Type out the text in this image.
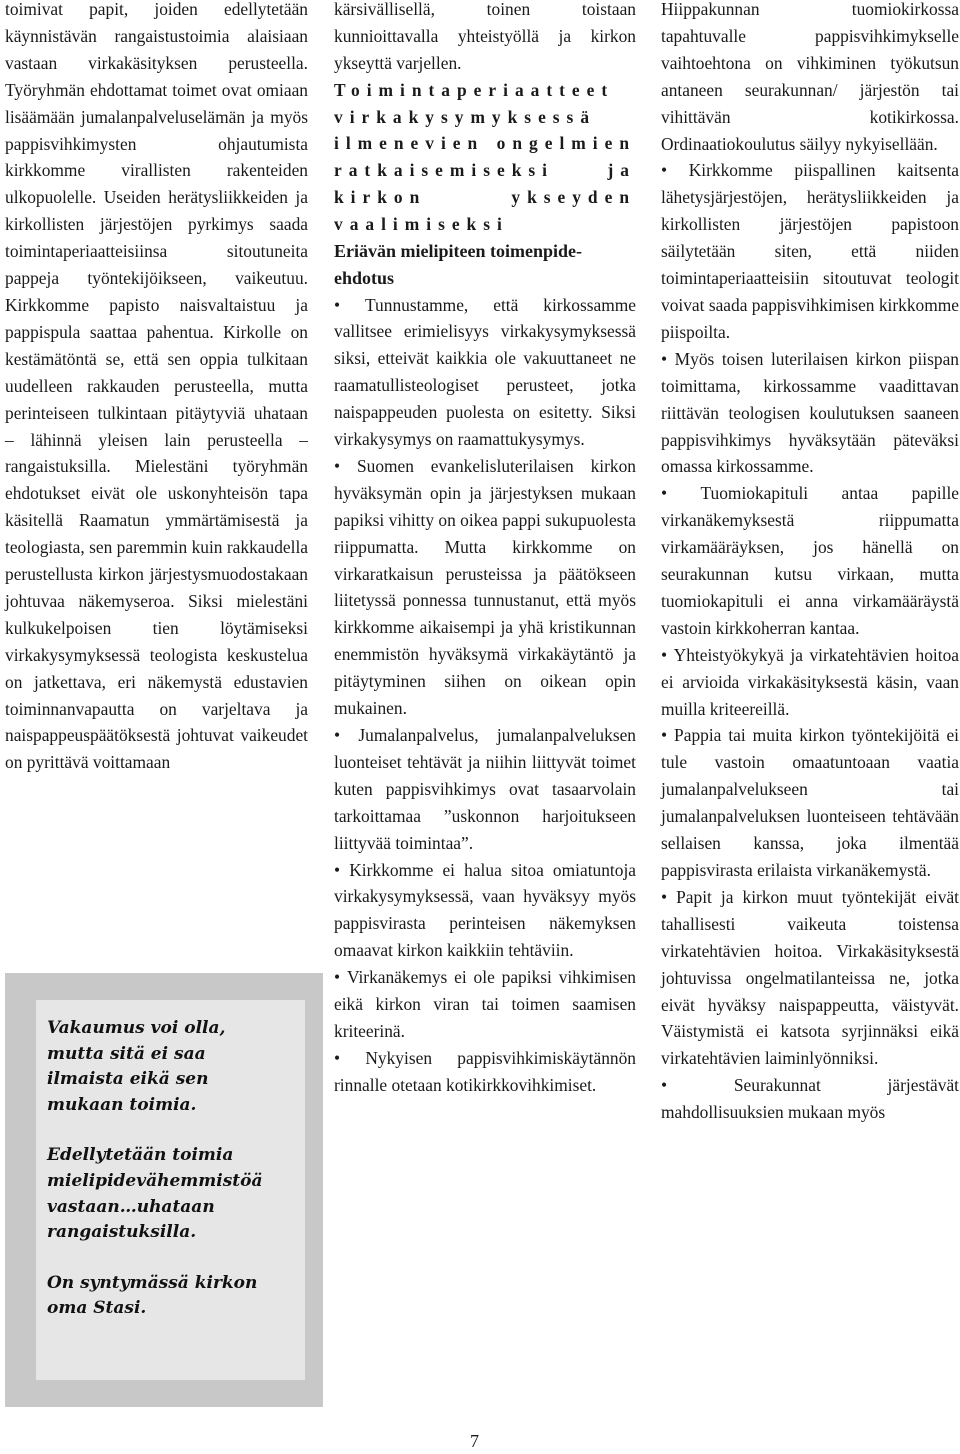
toimivat papit, joiden edellytetään käynnistävän rangaistustoimia alaisiaan vastaan virkakäsityksen perusteella. Työryhmän ehdottamat toimet ovat omiaan lisäämään jumalanpalveluselämän ja myös pappisvihkimysten ohjautumista kirkkomme virallisten rakenteiden ulkopuolelle. Useiden herätysliikkeiden ja kirkollisten järjestöjen pyrkimys saada toimintaperiaatteisiinsa sitoutuneita pappeja työntekijöikseen, vaikeutuu. Kirkkomme papisto naisvaltaistuu ja pappispula saattaa pahentua. Kirkolle on kestämätöntä se, että sen oppia tulkitaan uudelleen rakkauden perusteella, mutta perinteiseen tulkintaan pitäytyviä uhataan – lähinnä yleisen lain perusteella – rangaistuksilla. Mielestäni työryhmän ehdotukset eivät ole uskonyhteisön tapa käsitellä Raamatun ymmärtämisestä ja teologiasta, sen paremmin kuin rakkaudella perustellusta kirkon järjestysmuodostakaan johtuvaa näkemyseroa. Siksi mielestäni kulkukelpoisen tien löytämiseksi virkakysymyksessä teologista keskustelua on jatkettava, eri näkemystä edustavien toiminnanvapautta on varjeltava ja naispappeuspäätöksestä johtuvat vaikeudet on pyrittävä voittamaan

Vakaumus voi olla, mutta sitä ei saa ilmaista eikä sen mukaan toimia.

Edellytetään toimia mielipidevähemmistöä vastaan…uhataan rangaistuksilla.

On syntymässä kirkon oma Stasi.

kärsivällisellä, toinen toistaan kunnioittavalla yhteistyöllä ja kirkon ykseyttä varjellen.

Toimintaperiaatteet virkakysymyksessä ilmenevien ongelmien ratkaisemiseksi ja kirkon ykseyden vaalimiseksi

Eriävän mielipiteen toimenpide-ehdotus

• Tunnustamme, että kirkossamme vallitsee erimielisyys virkakysymyksessä siksi, etteivät kaikkia ole vakuuttaneet ne raamatullisteologiset perusteet, jotka naispappeuden puolesta on esitetty. Siksi virkakysymys on raamattukysymys.

• Suomen evankelisluterilaisen kirkon hyväksymän opin ja järjestyksen mukaan papiksi vihitty on oikea pappi sukupuolesta riippumatta. Mutta kirkkomme on virkaratkaisun perusteissa ja päätökseen liitetyssä ponnessa tunnustanut, että myös kirkkomme aikaisempi ja yhä kristikunnan enemmistön hyväksymä virkakäytäntö ja pitäytyminen siihen on oikean opin mukainen.

• Jumalanpalvelus, jumalanpalveluksen luonteiset tehtävät ja niihin liittyvät toimet kuten pappisvihkimys ovat tasaarvolain tarkoittamaa ”uskonnon harjoitukseen liittyvää toimintaa”.

• Kirkkomme ei halua sitoa omiatuntoja virkakysymyksessä, vaan hyväksyy myös pappisvirasta perinteisen näkemyksen omaavat kirkon kaikkiin tehtäviin.

• Virkanäkemys ei ole papiksi vihkimisen eikä kirkon viran tai toimen saamisen kriteerinä.

• Nykyisen pappisvihkimiskäytännön rinnalle otetaan kotikirkkovihkimiset.

Hiippakunnan tuomiokirkossa tapahtuvalle pappisvihkimykselle vaihtoehtona on vihkiminen työkutsun antaneen seurakunnan/ järjestön tai vihittävän kotikirkossa. Ordinaatiokoulutus säilyy nykyisellään.

• Kirkkomme piispallinen kaitsenta lähetysjärjestöjen, herätysliikkeiden ja kirkollisten järjestöjen papistoon säilytetään siten, että niiden toimintaperiaatteisiin sitoutuvat teologit voivat saada pappisvihkimisen kirkkomme piispoilta.

• Myös toisen luterilaisen kirkon piispan toimittama, kirkossamme vaadittavan riittävän teologisen koulutuksen saaneen pappisvihkimys hyväksytään päteväksi omassa kirkossamme.

• Tuomiokapituli antaa papille virkanäkemyksestä riippumatta virkamääräyksen, jos hänellä on seurakunnan kutsu virkaan, mutta tuomiokapituli ei anna virkamääräystä vastoin kirkkoherran kantaa.

• Yhteistyökykyä ja virkatehtävien hoitoa ei arvioida virkakäsityksestä käsin, vaan muilla kriteereillä.

• Pappia tai muita kirkon työntekijöitä ei tule vastoin omaatuntoaan vaatia jumalanpalvelukseen tai jumalanpalveluksen luonteiseen tehtävään sellaisen kanssa, joka ilmentää pappisvirasta erilaista virkanäkemystä.

• Papit ja kirkon muut työntekijät eivät tahallisesti vaikeuta toistensa virkatehtävien hoitoa. Virkakäsityksestä johtuvissa ongelmatilanteissa ne, jotka eivät hyväksy naispappeutta, väistyvät. Väistymistä ei katsota syrjinnäksi eikä virkatehtävien laiminlyönniksi.

• Seurakunnat järjestävät mahdollisuuksien mukaan myös

7
